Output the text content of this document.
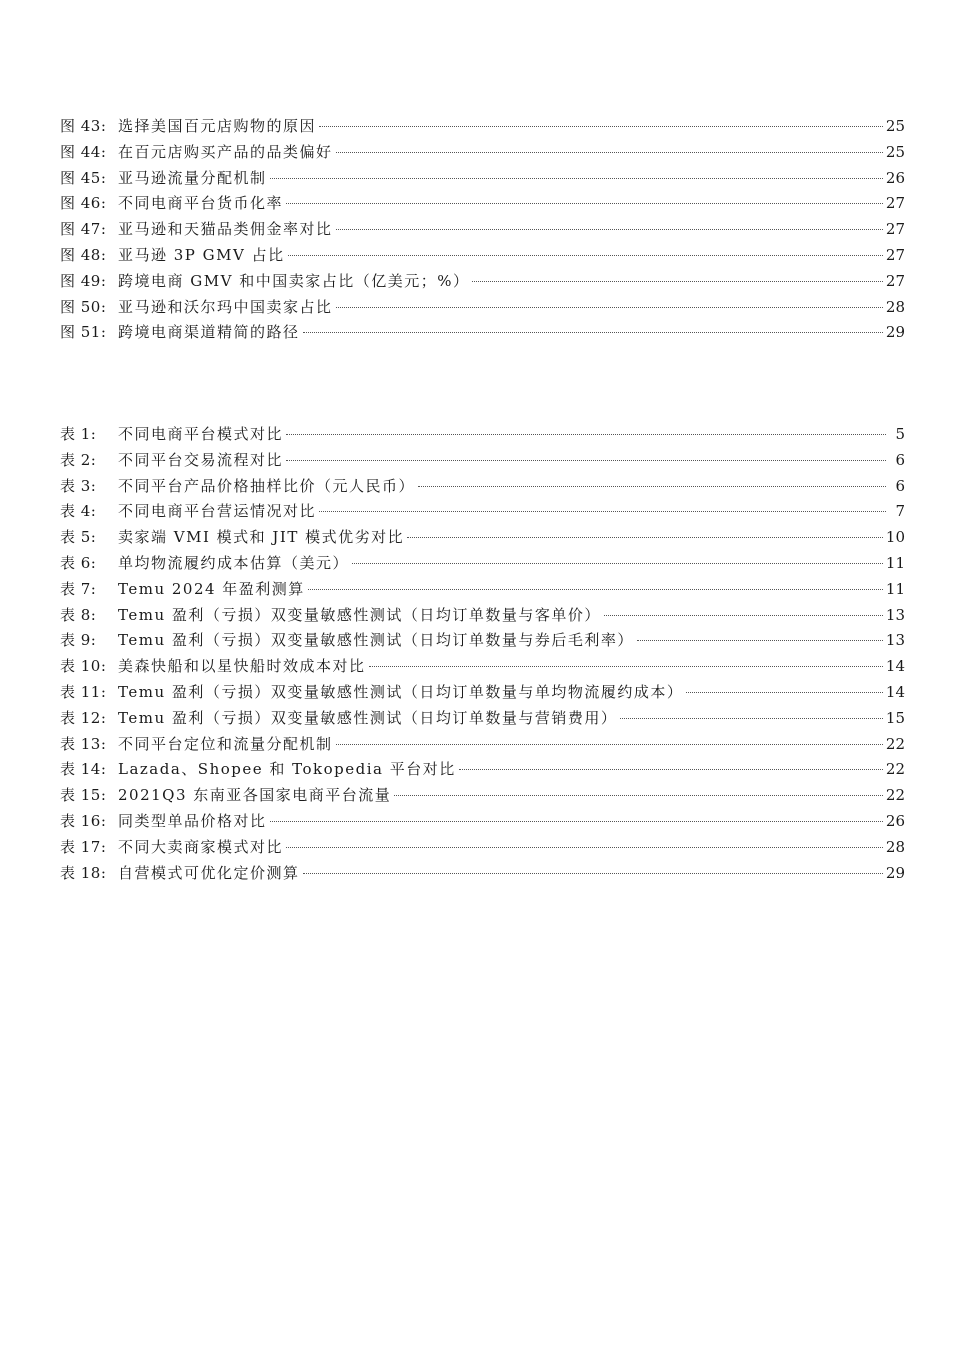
图 43: 选择美国百元店购物的原因	25
图 44: 在百元店购买产品的品类偏好	25
图 45: 亚马逊流量分配机制	26
图 46: 不同电商平台货币化率	27
图 47: 亚马逊和天猫品类佣金率对比	27
图 48: 亚马逊 3P GMV 占比	27
图 49: 跨境电商 GMV 和中国卖家占比（亿美元；%）	27
图 50: 亚马逊和沃尔玛中国卖家占比	28
图 51: 跨境电商渠道精简的路径	29
表 1:	不同电商平台模式对比	5
表 2:	不同平台交易流程对比	6
表 3:	不同平台产品价格抽样比价（元人民币）	6
表 4:	不同电商平台营运情况对比	7
表 5:	卖家端 VMI 模式和 JIT 模式优劣对比	10
表 6:	单均物流履约成本估算（美元）	11
表 7:	Temu 2024 年盈利测算	11
表 8:	Temu 盈利（亏损）双变量敏感性测试（日均订单数量与客单价）	13
表 9:	Temu 盈利（亏损）双变量敏感性测试（日均订单数量与券后毛利率）	13
表 10: 美森快船和以星快船时效成本对比	14
表 11: Temu 盈利（亏损）双变量敏感性测试（日均订单数量与单均物流履约成本）	14
表 12: Temu 盈利（亏损）双变量敏感性测试（日均订单数量与营销费用）	15
表 13: 不同平台定位和流量分配机制	22
表 14: Lazada、Shopee 和 Tokopedia 平台对比	22
表 15: 2021Q3 东南亚各国家电商平台流量	22
表 16: 同类型单品价格对比	26
表 17: 不同大卖商家模式对比	28
表 18: 自营模式可优化定价测算	29
